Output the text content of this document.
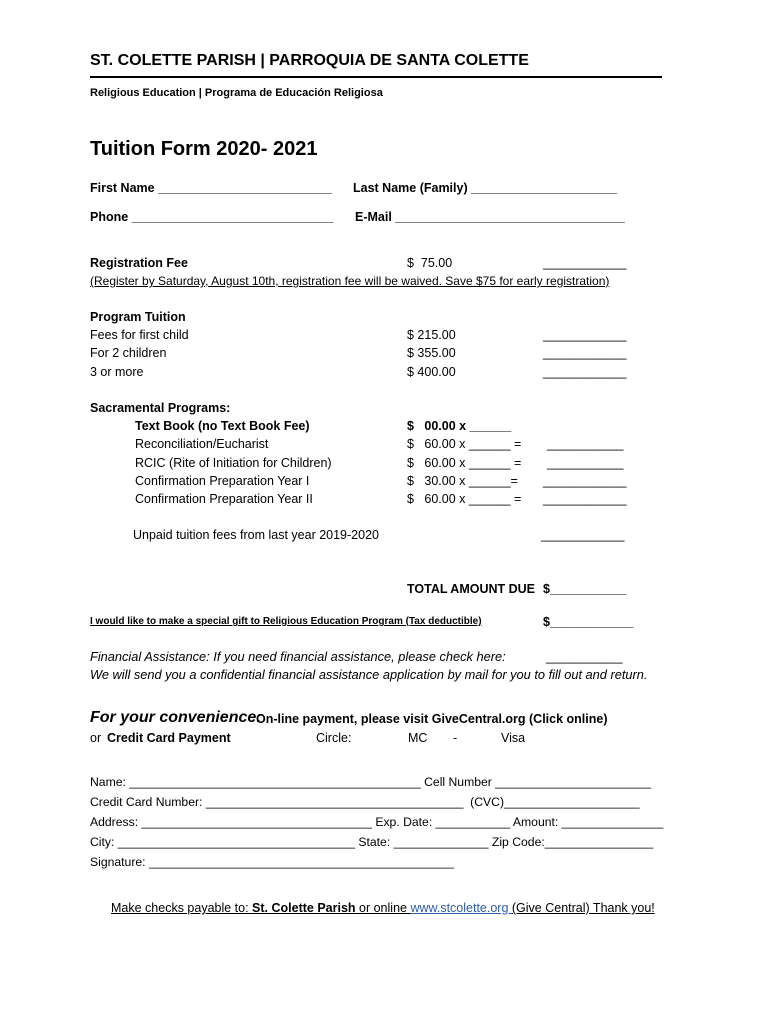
ST. COLETTE PARISH | PARROQUIA DE SANTA COLETTE
Religious Education | Programa de Educación Religiosa
Tuition Form 2020- 2021
First Name _________________________ Last Name (Family) _____________________
Phone _____________________________ E-Mail _________________________________
Registration Fee	$  75.00	____________
(Register by Saturday, August 10th, registration fee will be waived. Save $75 for early registration)
Program Tuition
Fees for first child	$ 215.00	____________
For 2 children	$ 355.00	____________
3 or more	$ 400.00	____________
Sacramental Programs:
Text Book (no Text Book Fee)	$   00.00 x ______
Reconciliation/Eucharist	$   60.00 x ______ = ___________
RCIC (Rite of Initiation for Children)	$   60.00 x ______ = ___________
Confirmation Preparation Year I	$   30.00 x ______= ____________
Confirmation Preparation Year II	$   60.00 x ______ = ____________
Unpaid tuition fees from last year 2019-2020	____________
TOTAL AMOUNT DUE $___________
I would like to make a special gift to Religious Education Program (Tax deductible)	$____________
Financial Assistance: If you need financial assistance, please check here:	___________
We will send you a confidential financial assistance application by mail for you to fill out and return.
For your convenience:
On-line payment, please visit GiveCentral.org (Click online)
or Credit Card Payment	Circle:	MC -	Visa
Name: ___________________________________________ Cell Number _______________________
Credit Card Number: ______________________________________  (CVC)____________________
Address: __________________________________ Exp. Date: ___________ Amount: _______________
City: ___________________________________ State: ______________ Zip Code:________________
Signature: _____________________________________________
Make checks payable to: St. Colette Parish or online www.stcolette.org (Give Central) Thank you!
